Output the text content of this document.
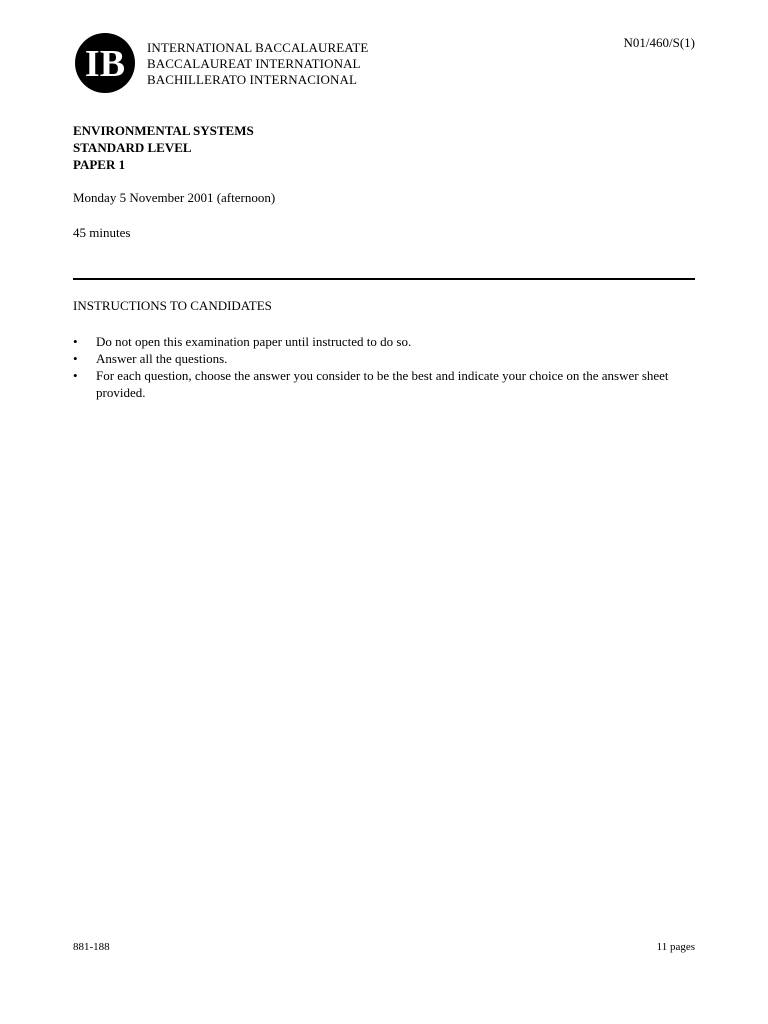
IB INTERNATIONAL BACCALAUREATE
BACCALAUREAT INTERNATIONAL
BACHILLERATO INTERNACIONAL
N01/460/S(1)
ENVIRONMENTAL SYSTEMS
STANDARD LEVEL
PAPER 1
Monday 5 November 2001 (afternoon)
45 minutes
INSTRUCTIONS TO CANDIDATES
•	Do not open this examination paper until instructed to do so.
•	Answer all the questions.
•	For each question, choose the answer you consider to be the best and indicate your choice on the answer sheet provided.
881-188	11 pages
